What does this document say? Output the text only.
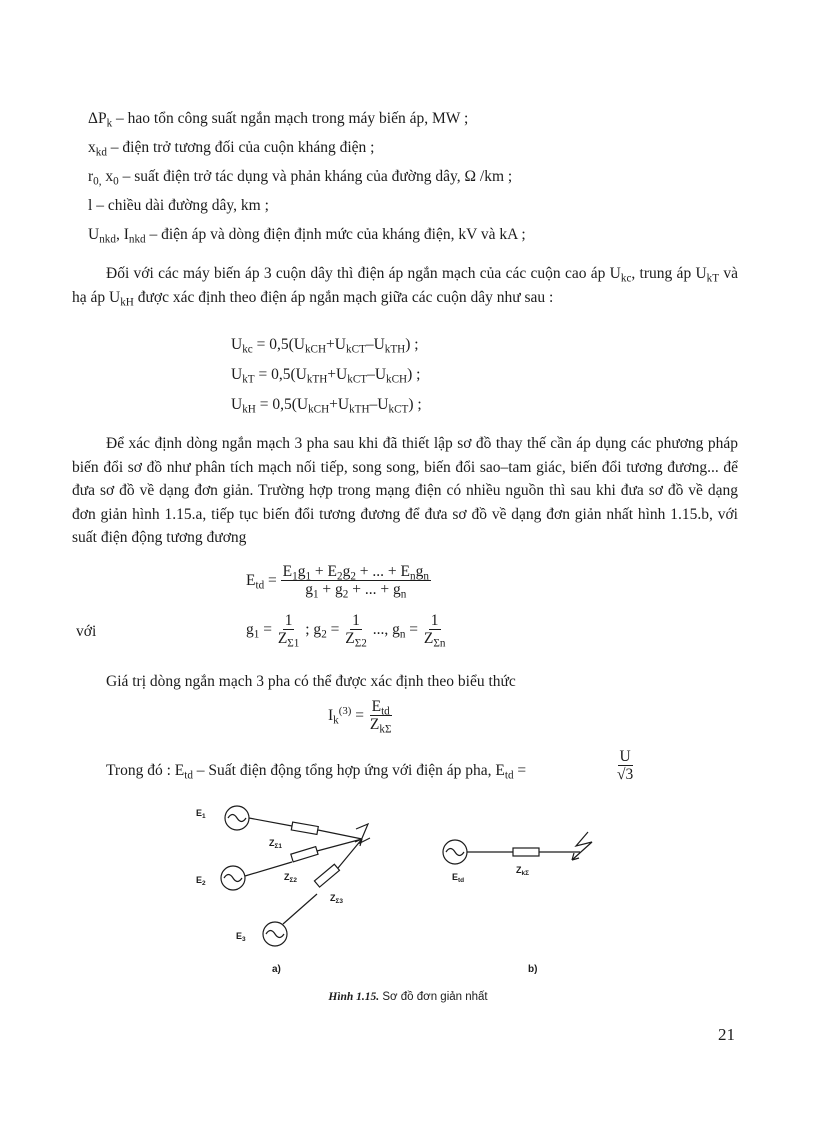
$\Delta P_k$ – hao tổn công suất ngắn mạch trong máy biến áp, MW ;
$x_{kd}$ – điện trở tương đối của cuộn kháng điện ;
$r_{0,}$ $x_0$ – suất điện trở tác dụng và phản kháng của đường dây, Ω /km ;
l – chiều dài đường dây, km ;
$U_{nkd}$, $I_{nkd}$ – điện áp và dòng điện định mức của kháng điện, kV và kA ;
Đối với các máy biến áp 3 cuộn dây thì điện áp ngắn mạch của các cuộn cao áp $U_{kc}$, trung áp $U_{kT}$ và hạ áp $U_{kH}$ được xác định theo điện áp ngắn mạch giữa các cuộn dây như sau :
$U_{kc} = 0,5(U_{kCH}+U_{kCT}-U_{kTH})$ ;
$U_{kT} = 0,5(U_{kTH}+U_{kCT}-U_{kCH})$ ;
$U_{kH} = 0,5(U_{kCH}+U_{kTH}-U_{kCT})$ ;
Để xác định dòng ngắn mạch 3 pha sau khi đã thiết lập sơ đồ thay thế cần áp dụng các phương pháp biến đổi sơ đồ như phân tích mạch nối tiếp, song song, biến đổi sao–tam giác, biến đổi tương đương... để đưa sơ đồ về dạng đơn giản. Trường hợp trong mạng điện có nhiều nguồn thì sau khi đưa sơ đồ về dạng đơn giản hình 1.15.a, tiếp tục biến đổi tương đương để đưa sơ đồ về dạng đơn giản nhất hình 1.15.b, với suất điện động tương đương
$E_{td} = \frac{E_1g_1 + E_2g_2 + ... + E_ng_n}{g_1 + g_2 + ... + g_n}$
với	$g_1 = \frac{1}{Z_{\Sigma 1}}$ ; $g_2 = \frac{1}{Z_{\Sigma 2}}$ ..., $g_n = \frac{1}{Z_{\Sigma n}}$
Giá trị dòng ngắn mạch 3 pha có thể được xác định theo biểu thức
$I_k^{(3)} = \frac{E_{td}}{Z_{k\Sigma}}$
Trong đó : $E_{td}$ – Suất điện động tổng hợp ứng với điện áp pha, $E_{td}$ =	$\frac{U}{√3}$
$E_1$
$E_2$
$E_3$
$Z_{\Sigma 1}$
$Z_{\Sigma 2}$
$Z_{\Sigma 3}$
$E_{td}$
$Z_{k\Sigma}$
a)	b)
Hình 1.15. Sơ đồ đơn giản nhất
21
